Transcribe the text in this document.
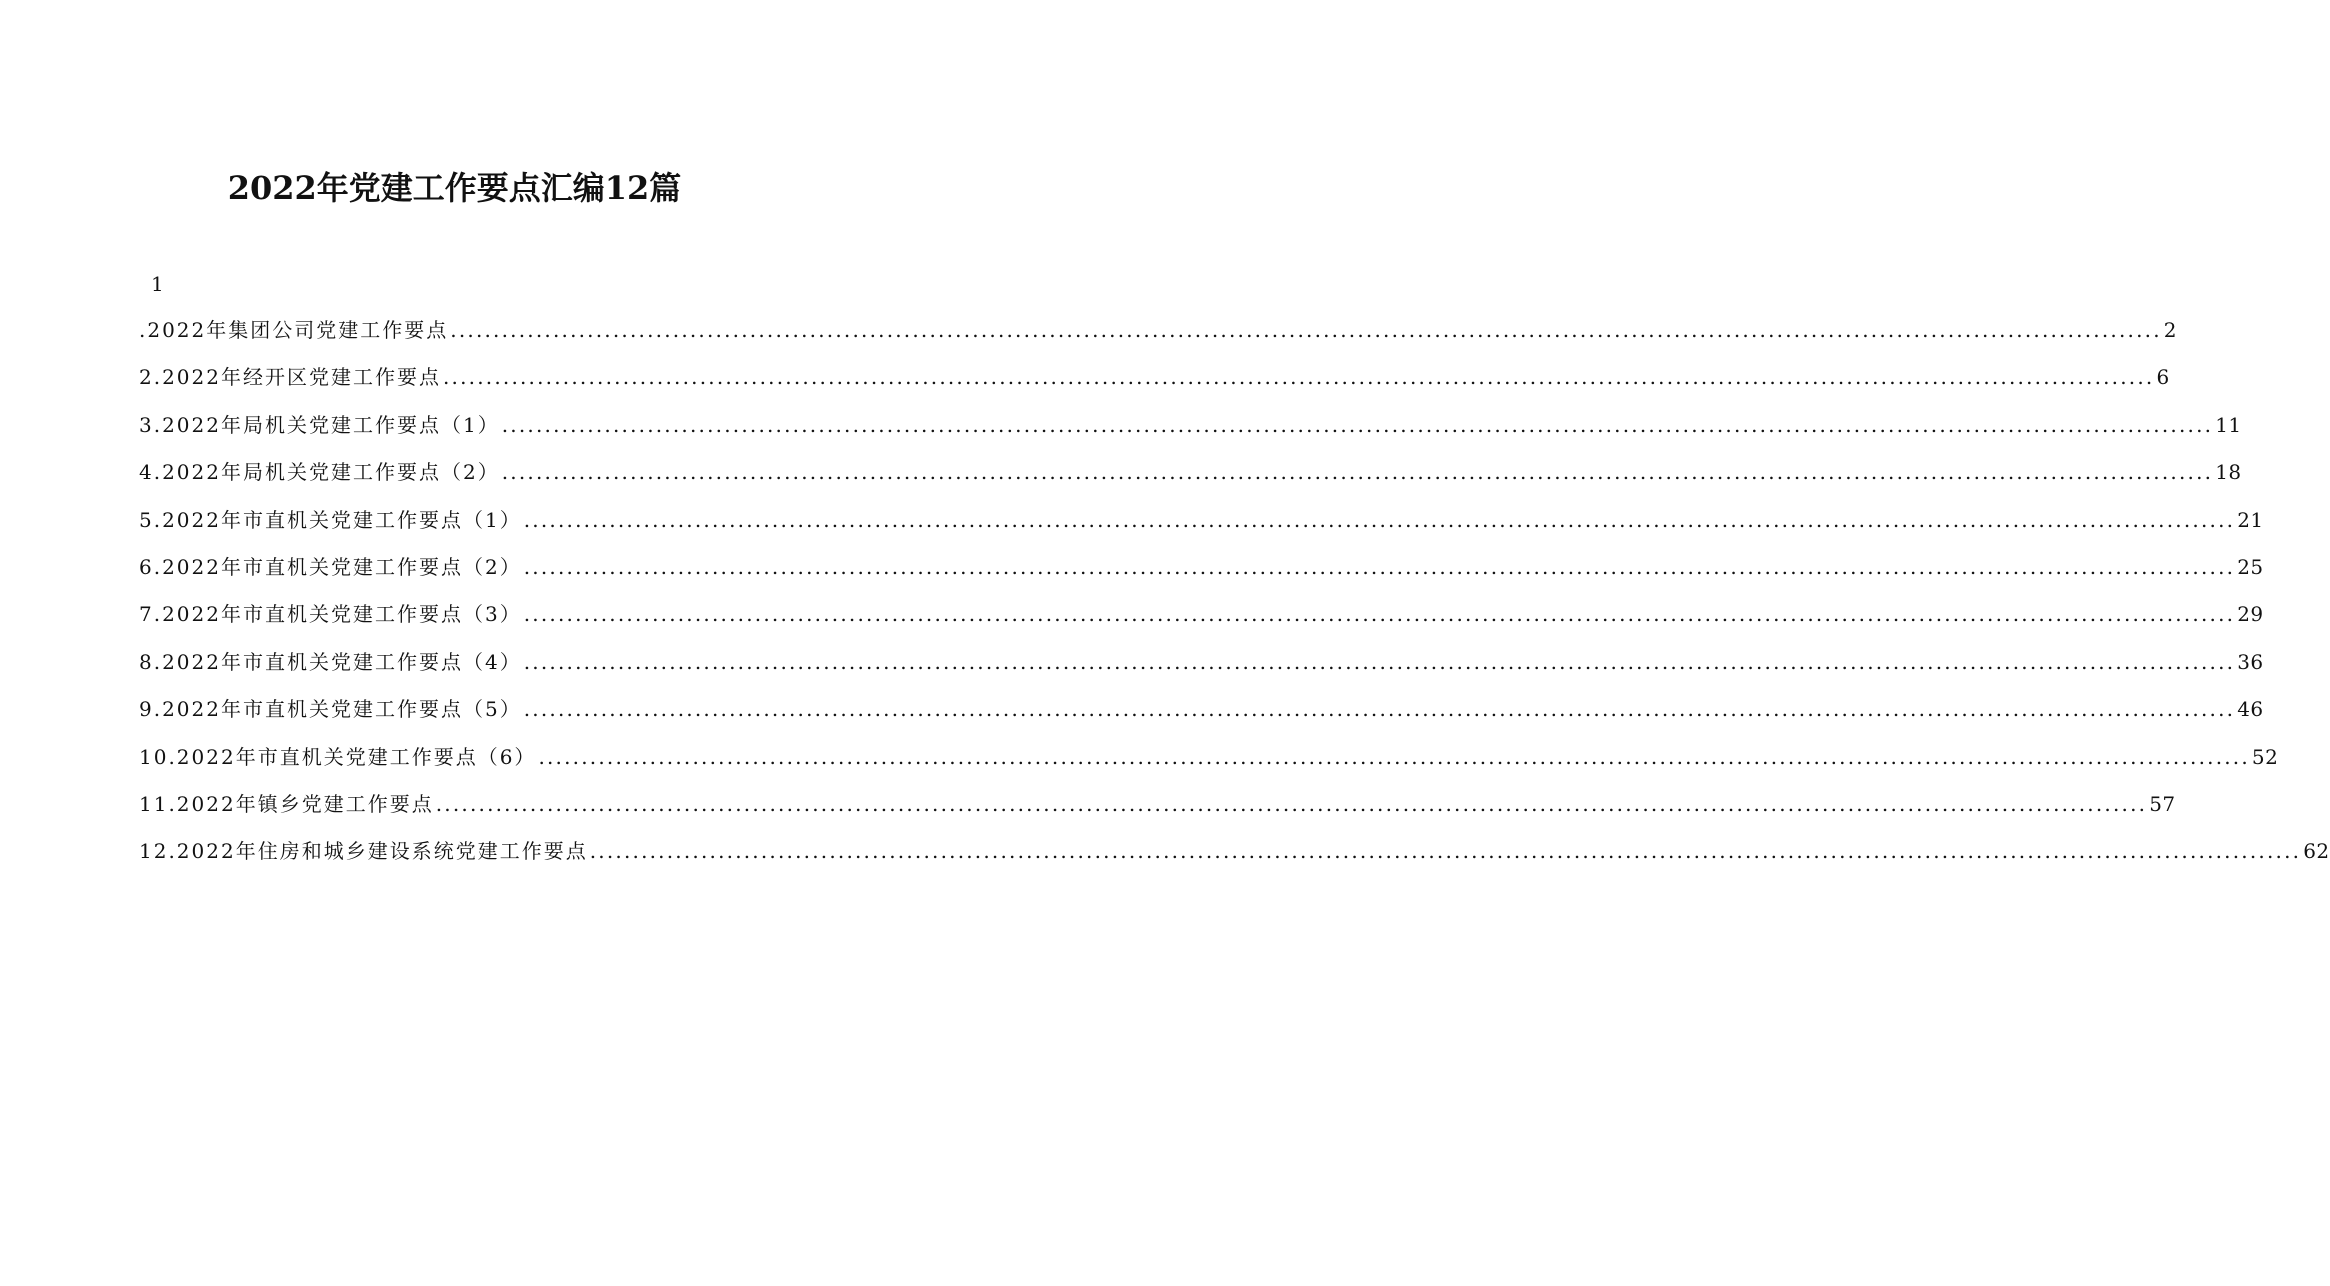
2022年党建工作要点汇编12篇
1
.2022年集团公司党建工作要点 ........................................................................................................................................................................................................ 2
2.2022年经开区党建工作要点 ........................................................................................................................................................................................................ 6
3.2022年局机关党建工作要点（1） ........................................................................................................................................................................................................ 11
4.2022年局机关党建工作要点（2） ........................................................................................................................................................................................................ 18
5.2022年市直机关党建工作要点（1） ........................................................................................................................................................................................................ 21
6.2022年市直机关党建工作要点（2） ........................................................................................................................................................................................................ 25
7.2022年市直机关党建工作要点（3） ........................................................................................................................................................................................................ 29
8.2022年市直机关党建工作要点（4） ........................................................................................................................................................................................................ 36
9.2022年市直机关党建工作要点（5） ........................................................................................................................................................................................................ 46
10.2022年市直机关党建工作要点（6） ........................................................................................................................................................................................................ 52
11.2022年镇乡党建工作要点 ........................................................................................................................................................................................................ 57
12.2022年住房和城乡建设系统党建工作要点 ........................................................................................................................................................................................................ 62
